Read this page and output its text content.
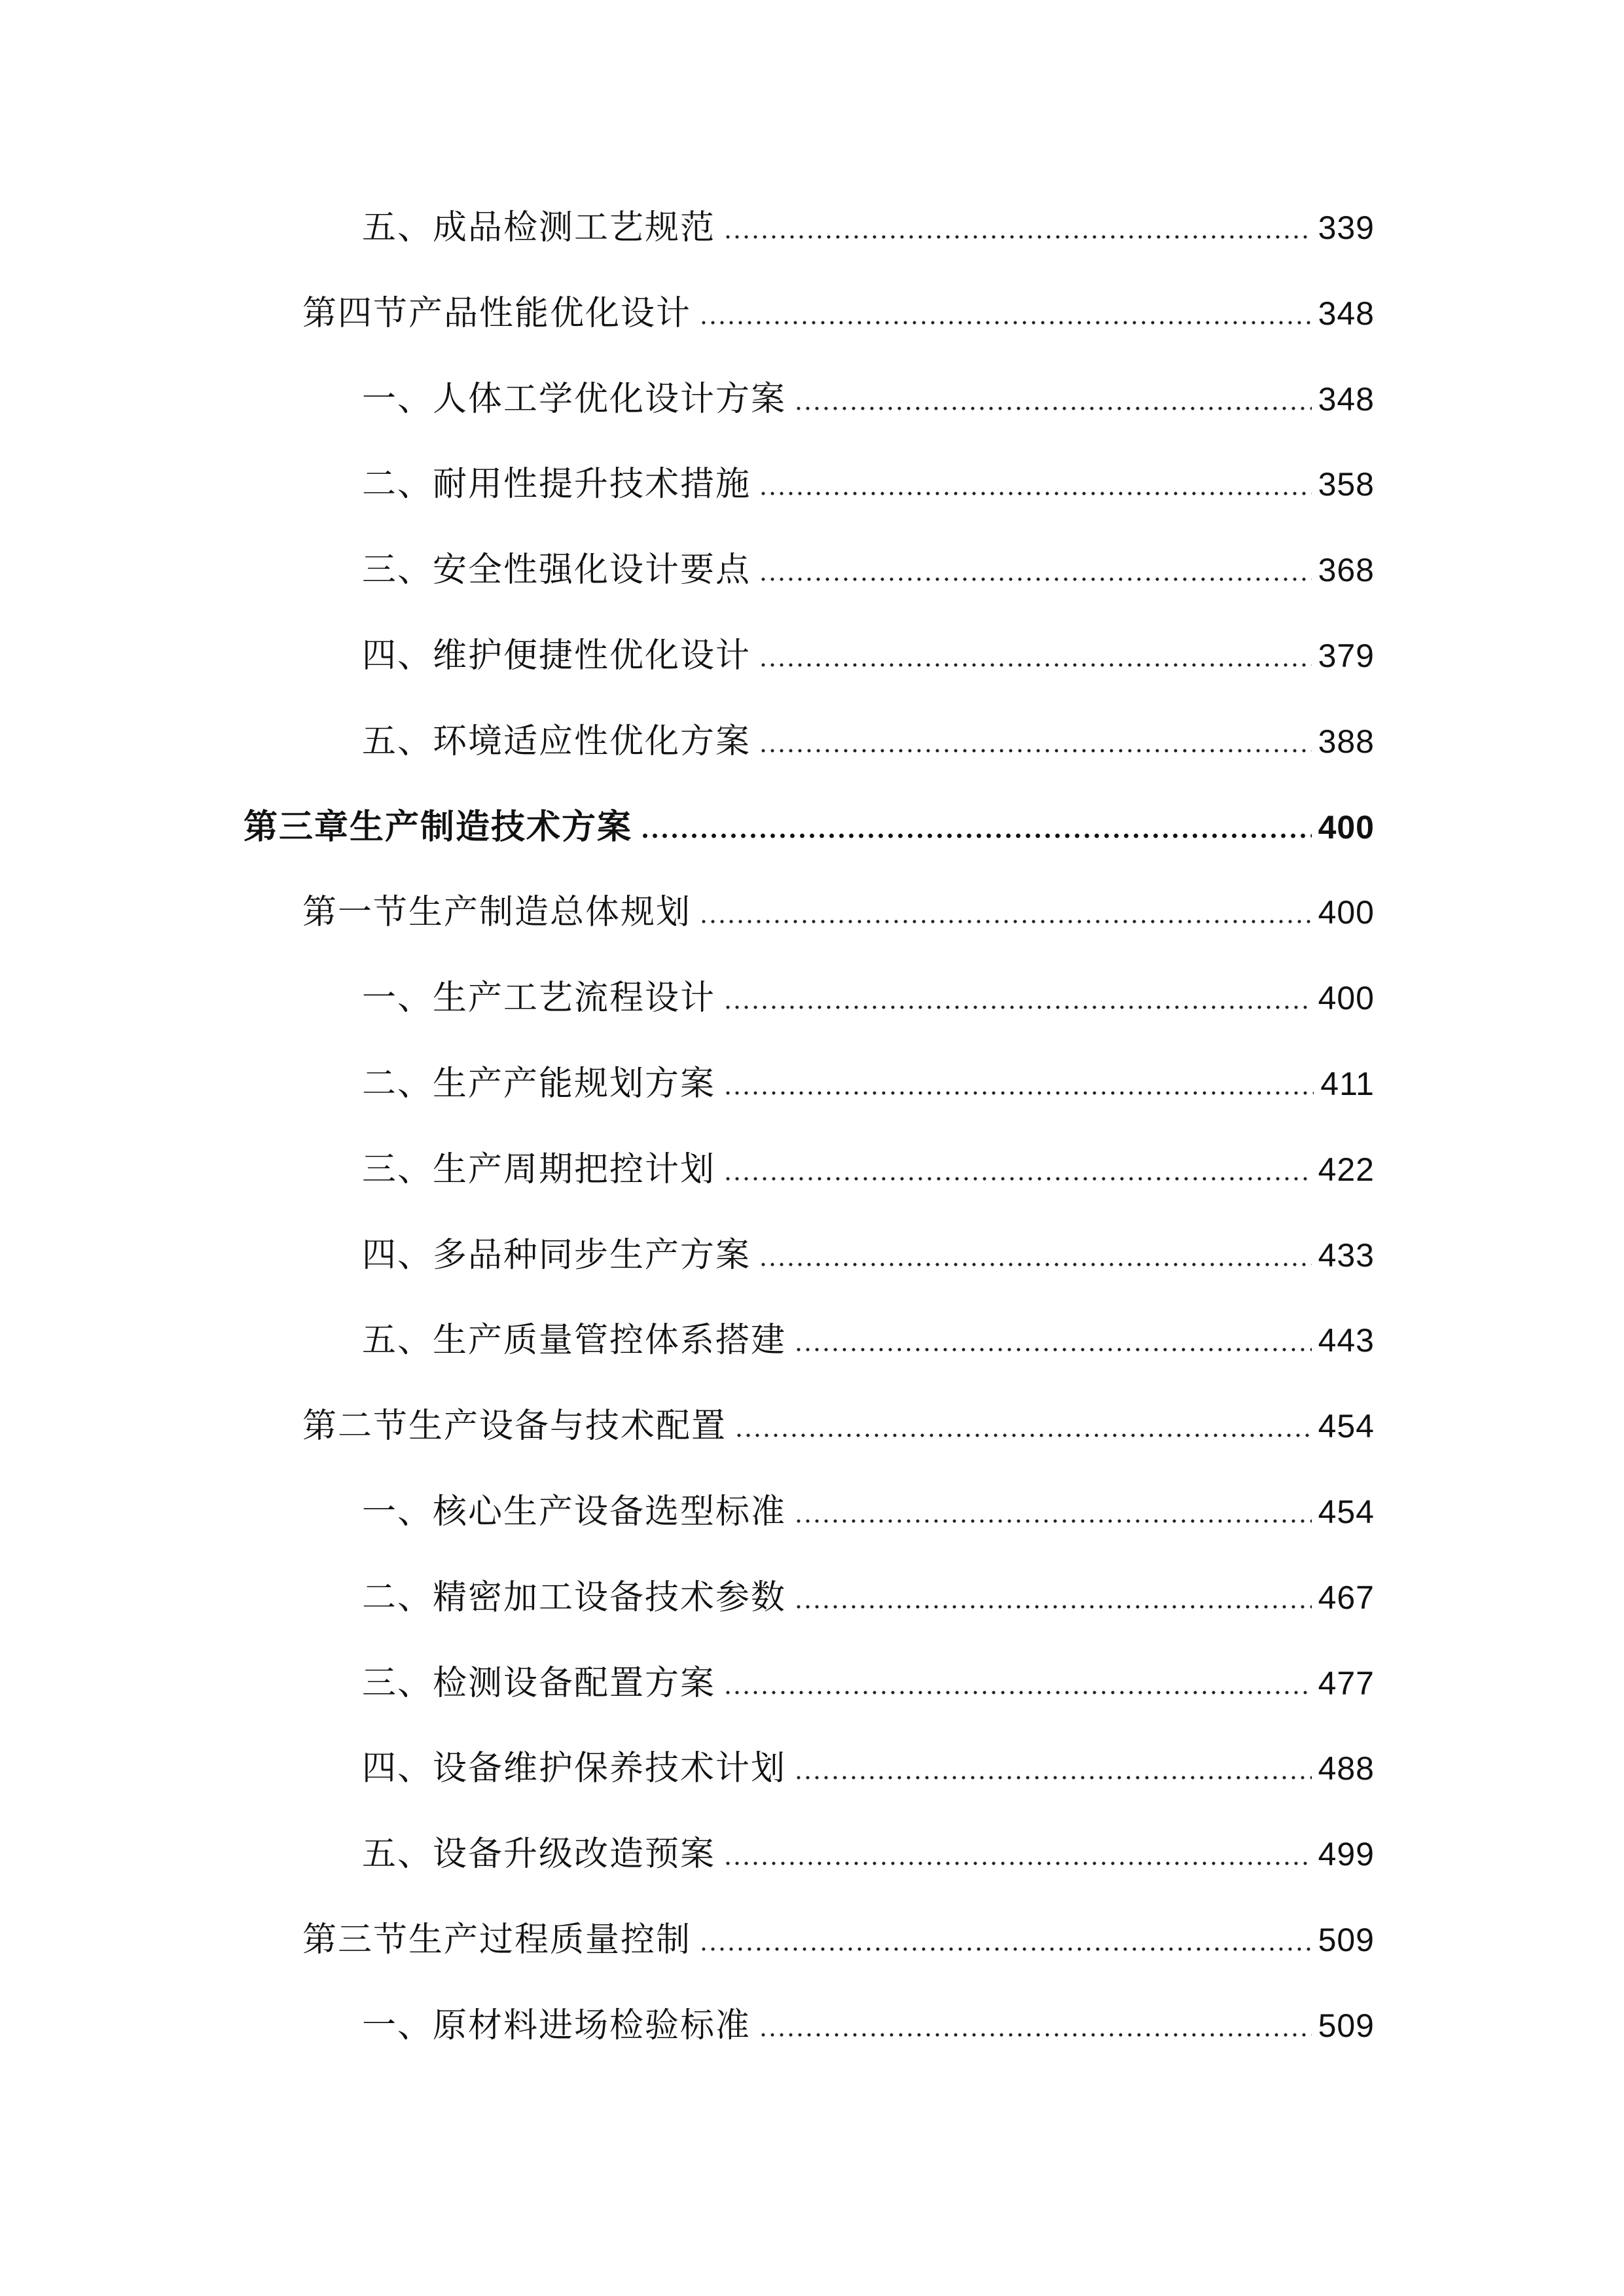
五、成品检测工艺规范	339
第四节产品性能优化设计	348
一、人体工学优化设计方案	348
二、耐用性提升技术措施	358
三、安全性强化设计要点	368
四、维护便捷性优化设计	379
五、环境适应性优化方案	388
第三章生产制造技术方案	400
第一节生产制造总体规划	400
一、生产工艺流程设计	400
二、生产产能规划方案	411
三、生产周期把控计划	422
四、多品种同步生产方案	433
五、生产质量管控体系搭建	443
第二节生产设备与技术配置	454
一、核心生产设备选型标准	454
二、精密加工设备技术参数	467
三、检测设备配置方案	477
四、设备维护保养技术计划	488
五、设备升级改造预案	499
第三节生产过程质量控制	509
一、原材料进场检验标准	509
